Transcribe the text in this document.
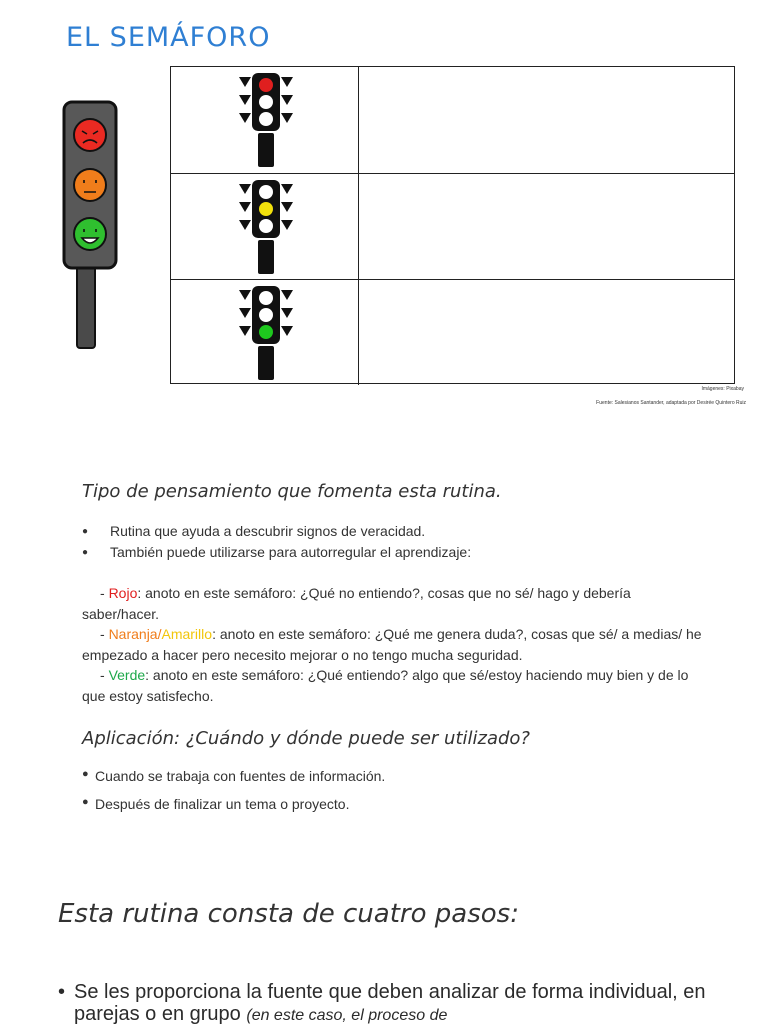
EL SEMÁFORO
Imágenes: Pixabay
Fuente: Salesianos Santander, adaptada por Desirée Quintero Ruiz
Tipo de pensamiento que fomenta esta rutina.
● Rutina que ayuda a descubrir signos de veracidad.
● También puede utilizarse para autorregular el aprendizaje:
- Rojo: anoto en este semáforo: ¿Qué no entiendo?, cosas que no sé/ hago y debería saber/hacer.
- Naranja/Amarillo: anoto en este semáforo: ¿Qué me genera duda?, cosas que sé/ a medias/ he empezado a hacer pero necesito mejorar o no tengo mucha seguridad.
- Verde: anoto en este semáforo: ¿Qué entiendo? algo que sé/estoy haciendo muy bien y de lo que estoy satisfecho.
Aplicación: ¿Cuándo y dónde puede ser utilizado?
● Cuando se trabaja con fuentes de información.
● Después de finalizar un tema o proyecto.
Esta rutina consta de cuatro pasos:
• Se les proporciona la fuente que deben analizar de forma individual, en parejas o en grupo (en este caso, el proceso de
